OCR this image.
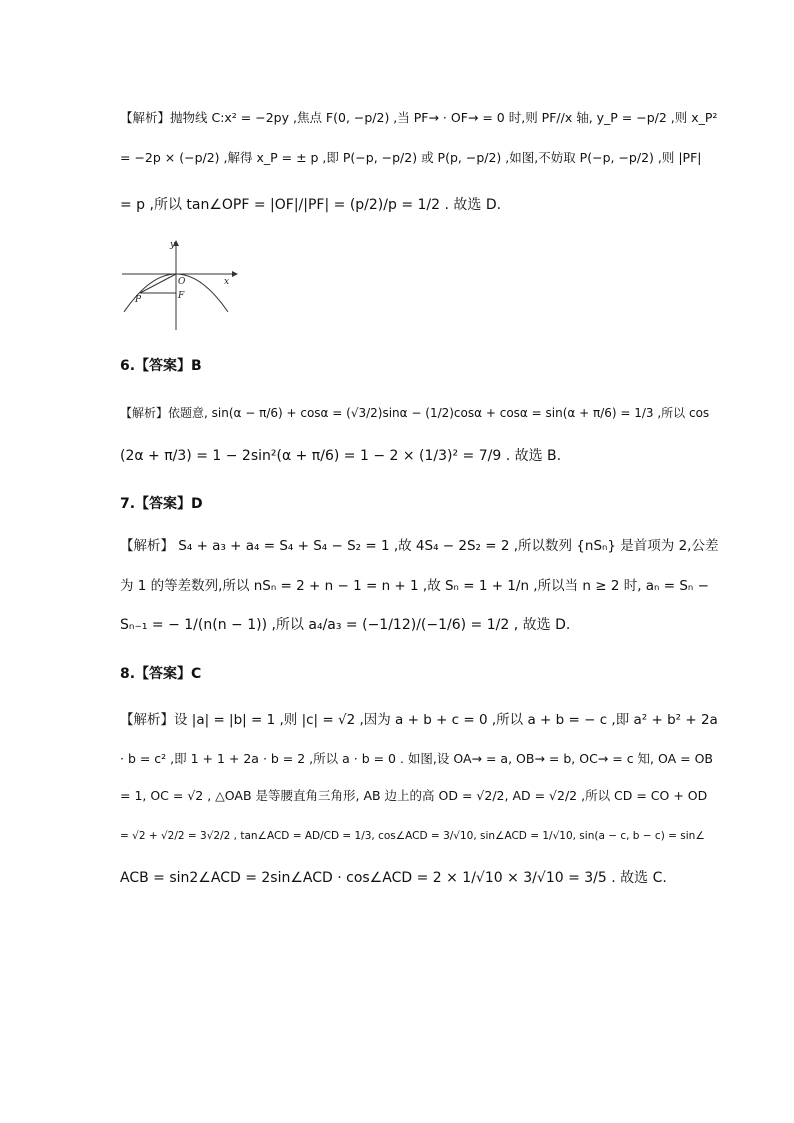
【解析】抛物线 C:x² = −2py ,焦点 F(0, −p/2) ,当 PF→ · OF→ = 0 时,则 PF//x 轴, y_P = −p/2 ,则 x_P²
= −2p × (−p/2) ,解得 x_P = ± p ,即 P(−p, −p/2) 或 P(p, −p/2) ,如图,不妨取 P(−p, −p/2) ,则 |PF|
= p ,所以 tan∠OPF = |OF|/|PF| = (p/2)/p = 1/2 . 故选 D.
y
x
O
P	F
6.【答案】B
【解析】依题意, sin(α − π/6) + cosα = (√3/2)sinα − (1/2)cosα + cosα = sin(α + π/6) = 1/3 ,所以 cos
(2α + π/3) = 1 − 2sin²(α + π/6) = 1 − 2 × (1/3)² = 7/9 . 故选 B.
7.【答案】D
【解析】 S₄ + a₃ + a₄ = S₄ + S₄ − S₂ = 1 ,故 4S₄ − 2S₂ = 2 ,所以数列 {nSₙ} 是首项为 2,公差
为 1 的等差数列,所以 nSₙ = 2 + n − 1 = n + 1 ,故 Sₙ = 1 + 1/n ,所以当 n ≥ 2 时, aₙ = Sₙ −
Sₙ₋₁ = − 1/(n(n − 1)) ,所以 a₄/a₃ = (−1/12)/(−1/6) = 1/2 , 故选 D.
8.【答案】C
【解析】设 |a| = |b| = 1 ,则 |c| = √2 ,因为 a + b + c = 0 ,所以 a + b = − c ,即 a² + b² + 2a
· b = c² ,即 1 + 1 + 2a · b = 2 ,所以 a · b = 0 . 如图,设 OA→ = a, OB→ = b, OC→ = c 知, OA = OB
= 1, OC = √2 , △OAB 是等腰直角三角形, AB 边上的高 OD = √2/2, AD = √2/2 ,所以 CD = CO + OD
= √2 + √2/2 = 3√2/2 , tan∠ACD = AD/CD = 1/3, cos∠ACD = 3/√10, sin∠ACD = 1/√10, sin(a − c, b − c) = sin∠
ACB = sin2∠ACD = 2sin∠ACD · cos∠ACD = 2 × 1/√10 × 3/√10 = 3/5 . 故选 C.
